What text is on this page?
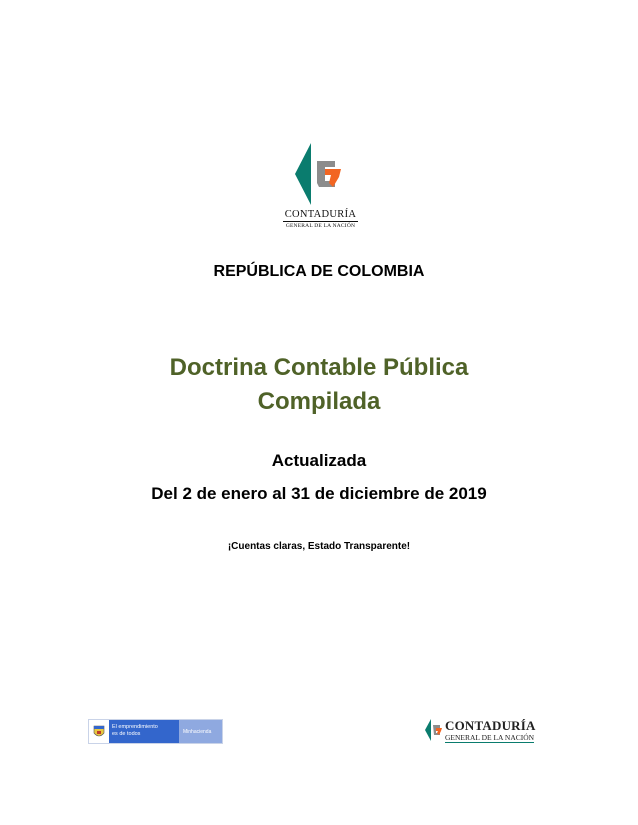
CONTADURÍA
GENERAL DE LA NACIÓN
REPÚBLICA DE COLOMBIA
Doctrina Contable Pública
Compilada
Actualizada
Del 2 de enero al 31 de diciembre de 2019
¡Cuentas claras, Estado Transparente!
El emprendimiento
es de todos	Minhacienda	CONTADURÍA
GENERAL DE LA NACIÓN
